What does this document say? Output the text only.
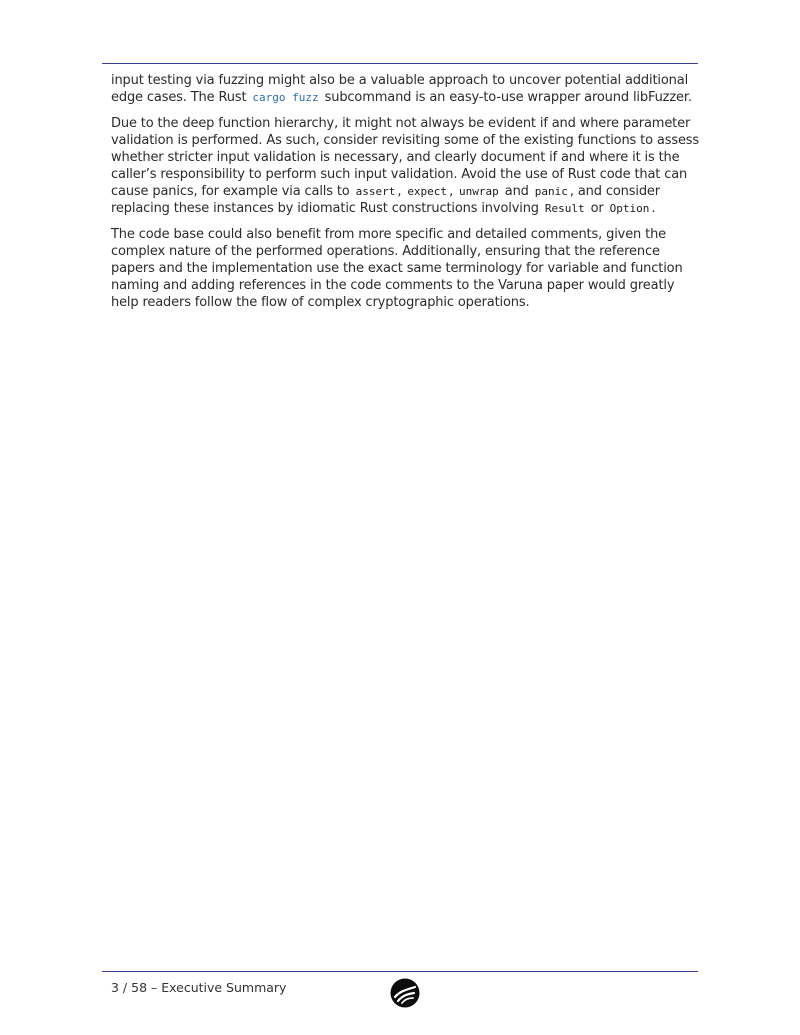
input testing via fuzzing might also be a valuable approach to uncover potential additional edge cases. The Rust cargo fuzz subcommand is an easy-to-use wrapper around libFuzzer.

Due to the deep function hierarchy, it might not always be evident if and where parameter validation is performed. As such, consider revisiting some of the existing functions to assess whether stricter input validation is necessary, and clearly document if and where it is the caller’s responsibility to perform such input validation. Avoid the use of Rust code that can cause panics, for example via calls to assert , expect , unwrap and panic , and consider replacing these instances by idiomatic Rust constructions involving Result or Option .

The code base could also benefit from more specific and detailed comments, given the complex nature of the performed operations. Additionally, ensuring that the reference papers and the implementation use the exact same terminology for variable and function naming and adding references in the code comments to the Varuna paper would greatly help readers follow the flow of complex cryptographic operations.

3 / 58 – Executive Summary
